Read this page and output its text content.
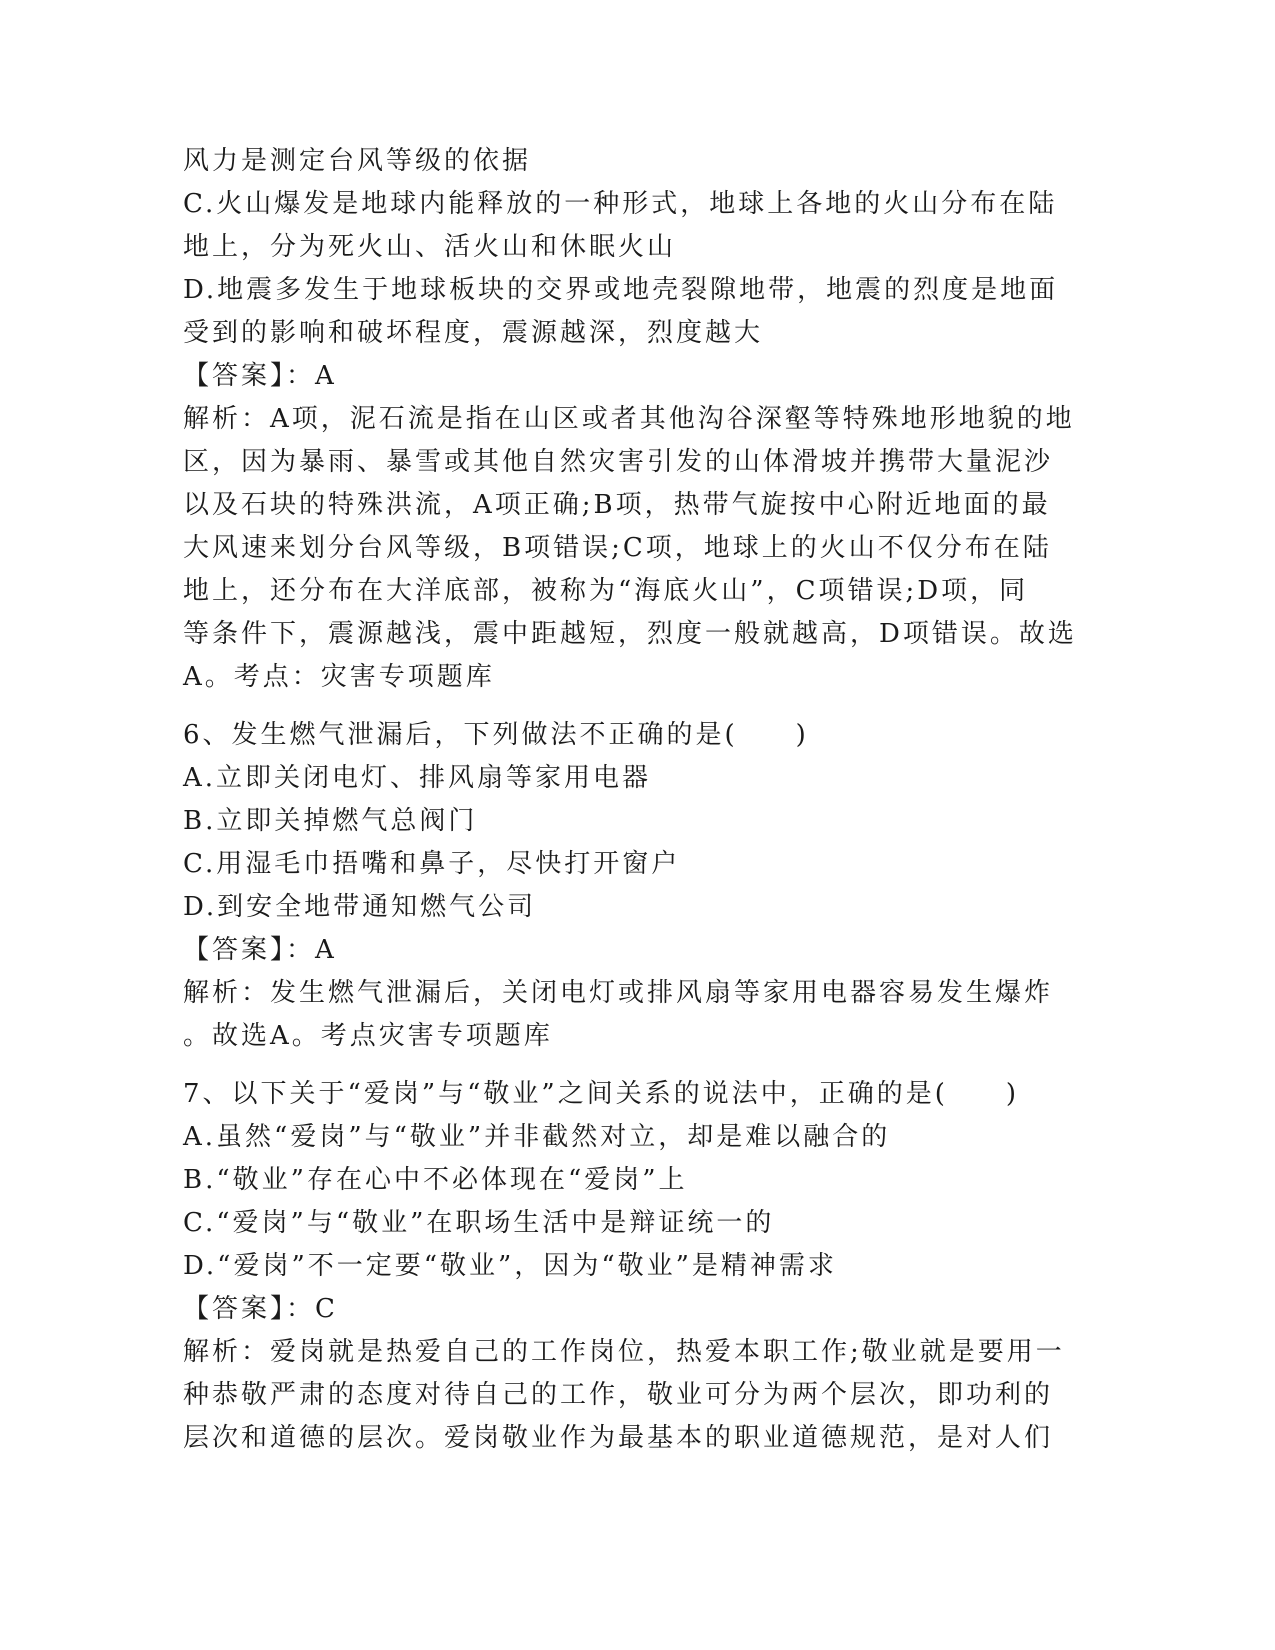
风力是测定台风等级的依据
C.火山爆发是地球内能释放的一种形式，地球上各地的火山分布在陆
地上，分为死火山、活火山和休眠火山
D.地震多发生于地球板块的交界或地壳裂隙地带，地震的烈度是地面
受到的影响和破坏程度，震源越深，烈度越大
【答案】：A
解析：A项，泥石流是指在山区或者其他沟谷深壑等特殊地形地貌的地
区，因为暴雨、暴雪或其他自然灾害引发的山体滑坡并携带大量泥沙
以及石块的特殊洪流，A项正确;B项，热带气旋按中心附近地面的最
大风速来划分台风等级，B项错误;C项，地球上的火山不仅分布在陆
地上，还分布在大洋底部，被称为“海底火山”，C项错误;D项，同
等条件下，震源越浅，震中距越短，烈度一般就越高，D项错误。故选
A。考点：灾害专项题库
6、发生燃气泄漏后，下列做法不正确的是(　　)
A.立即关闭电灯、排风扇等家用电器
B.立即关掉燃气总阀门
C.用湿毛巾捂嘴和鼻子，尽快打开窗户
D.到安全地带通知燃气公司
【答案】：A
解析：发生燃气泄漏后，关闭电灯或排风扇等家用电器容易发生爆炸
。故选A。考点灾害专项题库
7、以下关于“爱岗”与“敬业”之间关系的说法中，正确的是(　　)
A.虽然“爱岗”与“敬业”并非截然对立，却是难以融合的
B.“敬业”存在心中不必体现在“爱岗”上
C.“爱岗”与“敬业”在职场生活中是辩证统一的
D.“爱岗”不一定要“敬业”，因为“敬业”是精神需求
【答案】：C
解析：爱岗就是热爱自己的工作岗位，热爱本职工作;敬业就是要用一
种恭敬严肃的态度对待自己的工作，敬业可分为两个层次，即功利的
层次和道德的层次。爱岗敬业作为最基本的职业道德规范，是对人们
